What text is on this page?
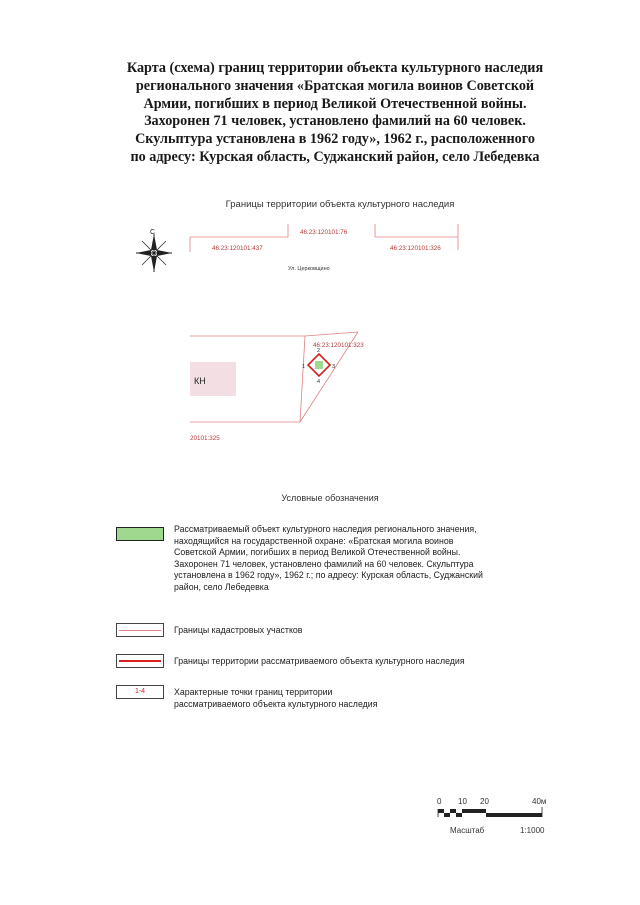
Карта (схема) границ территории объекта культурного наследия
регионального значения «Братская могила воинов Советской
Армии, погибших в период Великой Отечественной войны.
Захоронен 71 человек, установлено фамилий на 60 человек.
Скульптура установлена в 1962 году», 1962 г., расположенного
по адресу: Курская область, Суджанский район, село Лебедевка
Границы территории объекта культурного наследия
С
КН
46:23:120101:437
46:23:120101:76
46:23:120101:326
46:23:120101:323
20101:325
Ул. Церковщино
1
2
3
4
Условные обозначения
Рассматриваемый объект культурного наследия регионального значения,
находящийся на государственной охране: «Братская могила воинов
Советской Армии, погибших в период Великой Отечественной войны.
Захоронен 71 человек, установлено фамилий на 60 человек. Скульптура
установлена в 1962 году», 1962 г.; по адресу: Курская область, Суджанский
район, село Лебедевка
Границы кадастровых участков
Границы территории рассматриваемого объекта культурного наследия
1-4	Характерные точки границ территории
рассматриваемого объекта культурного наследия
0 10 20	40м
Масштаб	1:1000
